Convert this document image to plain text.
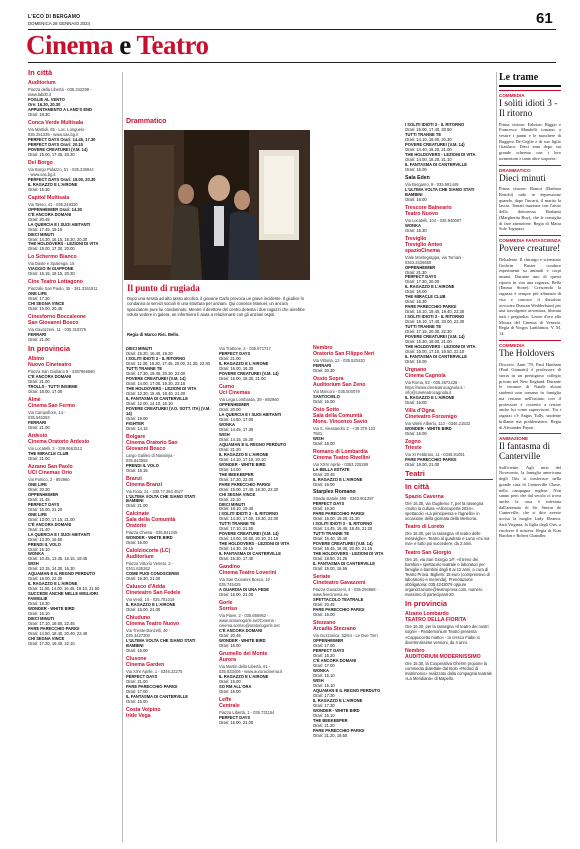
L'ECO DI BERGAMO
DOMENICA 28 GENNAIO 2024	61
Cinema e Teatro
In città
Auditorium
Piazza della Libertà - 035.342299 -
www.labd0.it
FOGLIE AL VENTO
Ore: 16.30, 20.30
APPUNTAMENTO A LAND'S END
Orari: 18.30
Conca Verde Multisala
Via Mattioli, 65 - Loc. Longuelo -
035.251339 - www.sas.bg.it
PERFECT DAYS Orari: 14.45, 17.30
PERFECT DAYS Orari: 20.15
POVERE CREATURE! (V.M. 14)
Orari: 15.00, 17.45, 20.30
Del Borgo
Via Borgo Palazzo, 51 - 035.236944
- www.sas.bg.it
PERFECT DAYS Orari: 18.00, 20.30
IL RAGAZZO E L'AIRONE
Orari: 15.30
Capitol Multisala
Via Tasso, 41 - 035.248330
OPPENHEIMER Orari: 14.30
C'È ANCORA DOMANI
Orari: 20.45
LA QUERCIA E I SUOI ABITANTI
Orari: 17.45, 19.15
DIECI MINUTI
Orari: 14.30, 16.15, 18.30, 20.30
THE HOLDOVERS - LEZIONI DI VITA
Orari: 15.00, 17.30, 20.00
Lo Schermo Bianco
Via Daste e Spalenga, 15
VIAGGIO IN GIAPPONE
Orari: 16.15, 18.15, 20.30
Cine Teatro Lottagono
Piazzale San Paolo, 35 - 351.3261911
ONE LIFE
Orari: 17.30
CHI SEGNA VINCE
Orari: 15.00, 20.45
Cinesforno Boccaleone
San Giovanni Bosco
Via Gavazzeni, 11 - 035.310376
FERRARI
Orari: 21.00
In provincia
Albino
Nuovo Cineteatro
Piazza San Giuliano 9 - 3387966560
C'È ANCORA DOMANI
Orari: 21.00
TROLLS - TUTTI INSIEME
Orari: 15.00, 17.00
Almè
Cinema San Fermo
Via Campofiore, 14 -
035.545363
FERRARI
Orari: 21.00
Ardesio
Cinema Oratorio Ardesio
Via Locatelli, 3 - 339.9661512
THE MIRACLE CLUB
Orari: 21.00
Azzano San Paolo
UCI Cinemas Orio
Via Portico, 2 - 892960
ONE LIFE
Orari: 20.30
OPPENHEIMER
Orari: 21.45
PERFECT DAYS
Orari: 16.00, 21.20
ONE LIFE
Orari: 13.00, 17.15, 21.00
C'È ANCORA DOMANI
Orari: 21.40
LA QUERCIA E I SUOI ABITANTI
Orari: 13.30, 16.50
PRENDI IL VOLO
Orari: 15.10
WONKA
Orari: 10.45, 13.45, 16.15, 18.45
WISH
Orari: 10.15, 14.30, 16.30
AQUAMAN E IL REGNO PERDUTO
Orari: 16.00, 22.30
IL RAGAZZO E L'AIRONE
Orari: 11.00, 14.00, 16.45, 19.10, 21.50
SUCCEDE ANCHE NELLE MIGLIORI FAMIGLIE
Orari: 18.30
WONDER - WHITE BIRD
Orari: 16.10
DIECI MINUTI
Orari: 17.10, 19.50, 22.45
PARE PARECCHIO PARIGI
Orari: 14.50, 18.40, 20.40, 22.40
CHI SEGNA VINCE
Orari: 17.20, 19.40, 22.10
DIECI MINUTI
Orari: 15.20, 16.40, 19.20
I SOLITI IDIOTI 3 - IL RITORNO
Orari: 11.30, 15.30, 17.45, 20.00, 21.30, 22.30
TUTTI TRANNE TE
Orari: 17.30, 19.45, 20.30, 22.00
POVERE CREATURE! (V.M. 14)
Orari: 14.00, 17.00, 19.30, 22.15
THE HOLDOVERS - LEZIONI DI VITA
Orari: 12.30, 15.45, 18.40, 21.00
IL FANTASMA DI CANTERVILLE
Orari: 12.00, 14.10, 16.10
POVERE CREATURE! (V.O. SOTT. ITA) (V.M. 14)
Orari: 19.00
FIGHTER
Orari: 14.15
Bolgare
Cinema Oratorio San
Giovanni Bosco
Largo Galileo di Nassirijia -
035.843555
PRENDI IL VOLO
Orari: 15.15
Branzi
Cinema Branzi
Via Fiola, 21 - 339.77.384.4527
L'ULTIMA VOLTA CHE SIAMO STATI BAMBINI
Orari: 21.00
Calcinate
Sala della Comunità
Oratorio
Piazza Chiesa - 035.841245
WONDER - WHITE BIRD
Orari: 16.00
Calolziocorte (LC)
Auditorium
Piazza Vittorio Veneto, 3 -
0341.635262
COME PUOI CONOSCERMI
Orari: 15.30, 21.00
Calusco d'Adda
Cineteatro San Fedele
Via Verdi, 10 - 035.791019
IL RAGAZZO E L'AIRONE
Orari: 16.00, 21.00
Chiuduno
Cinema Teatro Nuovo
Via Trieste Bonzelli, 40 -
035.4427300
L'ULTIMA VOLTA CHE SIAMO STATI BAMBINI
Orari: 16.00
Clusone
Cinema Garden
Via XXV Aprile, 1 - 0346.22275
PERFECT DAYS
Orari: 21.00
PARE PARECCHIO PARIGI
Orari: 17.00
IL FANTASMA DI CANTERVILLE
Orari: 15.00
Costa Volpino
Iride Vega
Via Trattone, 2 - 035.971717
PERFECT DAYS
Orari: 21.00
IL RAGAZZO E L'AIRONE
Orari: 16.00, 18.30
POVERE CREATURE! (V.M. 14)
Orari: 16.00, 18.30, 21.00
Curno
Uci Cinemas
Via Lega Lombarda, 39 - 892960
OPPENHEIMER
Orari: 20.00
LA QUERCIA E I SUOI ABITANTI
Orari: 14.50, 17.00
WONKA
Orari: 14.45, 17.30
WISH
Orari: 14.15, 16.30
AQUAMAN E IL REGNO PERDUTO
Orari: 21.20
IL RAGAZZO E L'AIRONE
Orari: 14.10, 17.10, 20.10
WONDER - WHITE BIRD
Orari: 14.00
THE BEEKEEPER
Orari: 17.20, 22.00
PARE PARECCHIO PARIGI
Orari: 15.00, 17.40, 19.30, 22.20
CHI SEGNA VINCE
Orari: 22.10
DIECI MINUTI
Orari: 18.10, 19.40
I SOLITI IDIOTI 3 - IL RITORNO
Orari: 14.30, 17.00, 19.30, 22.00
TUTTI TRANNE TE
Orari: 17.10, 21.50
POVERE CREATURE! (V.M. 14)
Orari: 14.00, 16.50, 20.10, 21.15
THE HOLDOVERS - LEZIONI DI VITA
Orari: 14.30, 19.15
IL FANTASMA DI CANTERVILLE
Orari: 15.30, 17.40
Gandino
Cinema Teatro Loverini
Via San Giovanni Bosco, 10 -
035.745425
A GUARDIA DI UNA FEDE
Orari: 16.00, 21.00
Gorle
Sorriso
Via Piave, 2 - 035.656962 -
www.oratoriogorle.net/Cinema -
cinema.sorriso@oratoriogorle.net
C'È ANCORA DOMANI
Orari: 20.45
WONDER - WHITE BIRD
Orari: 16.00
Grumello del Monte
Aurora
Via Martiri della Libertà, 61 -
035.833406 - www.auroracinema.it
IL RAGAZZO E L'AIRONE
Orari: 15.00
SO RM ALL'ORA
Orari: 16.00
Leffe
Centrale
Piazza Libertà, 1 - 035.731154
PERFECT DAYS
Orari: 16.00, 21.00
Nembro
Oratorio San Filippo Neri
Via Vittoria, 12 - 035.520420
FERRARI
Orari: 20.30
Ossio Sopra
Auditorium San Zeno
Via Marconi - 035.500079
SANTOCIELO
Orari: 16.00
Osio Sotto
Sala della Comunità
Mons. Vincenzo Savio
Via S. Alessandro 3 - +39 379 123
7581
WISH
Orari: 16.00
Romano di Lombardia
Cinema Teatro Rivellini
Via XXIV Aprile - 0363.225289
LA BELLA ESTATE
Orari: 20.45
IL RAGAZZO E L'AIRONE
Orari: 16.00
Starplex Romano
Strada statale 498 - 0363.901297
PERFECT DAYS
Orari: 16.20
PARE PARECCHIO PARIGI
Orari: 15.00, 19.20, 21.30
I SOLITI IDIOTI 3 - IL RITORNO
Orari: 14.45, 16.45, 18.45, 21.20
TUTTI TRANNE TE
Orari: 16.40, 18.40
POVERE CREATURE! (V.M. 14)
Orari: 16.45, 18.30, 20.40, 21.15
THE HOLDOVERS - LEZIONI DI VITA
Orari: 18.50, 21.25
IL FANTASMA DI CANTERVILLE
Orari: 15.00, 16.55
Seriate
Cineteatro Gavazzeni
Piazza Gavazzeni, 4 - 035.294868 -
www.feiecinema.eu
SPETTACOLO TEATRALE
Orari: 20.45
PARE PARECCHIO PARIGI
Orari: 15.00
Stezzano
Arcadia Stezzano
Via Guzzanica, 62/64 - Le Due Torri
OPPENHEIMER
Orari: 17.00
PERFECT DAYS
Orari: 15.20
C'È ANCORA DOMANI
Orari: 17.00
WONKA
Orari: 15.10
WISH
Orari: 15.10
AQUAMAN E IL REGNO PERDUTO
Orari: 17.30
IL RAGAZZO E L'AIRONE
Orari: 17.30
WONDER - WHITE BIRD
Orari: 15.10
THE BEEKEEPER
Orari: 21.20
PARE PARECCHIO PARIGI
Orari: 21.20, 18.50
I SOLITI IDIOTI 3 - IL RITORNO
Orari: 15.00, 17.40, 20.50
TUTTI TRANNE TE
Orari: 14.10, 18.00, 20.30
POVERE CREATURE! (V.M. 14)
Orari: 14.40, 18.20, 21.00
THE HOLDOVERS - LEZIONI DI VITA
Orari: 14.00, 18.20, 21.10
IL FANTASMA DI CANTERVILLE
Orari: 15.00
Sala Eden
Via Bergamo, 9 - 035.591449
L'ULTIMA VOLTA CHE SIAMO STATI BAMBINI
Orari: 16.00
Trescore Balneario
Teatro Nuovo
Via Locatelli, 104 - 035.940087
WONKA
Orari: 15.30
Treviglio
Treviglio Anteo
spazioCinema
Viale Montegrappa, via Torriani -
0363.3436650
OPPENHEIMER
Orari: 21.30
PERFECT DAYS
Orari: 17.30, 20.00
IL RAGAZZO E L'AIRONE
Orari: 16.00
THE MIRACLE CLUB
Orari: 16.30
PARE PARECCHIO PARIGI
Orari: 15.10, 18.40, 19.40, 22.30
I SOLITI IDIOTI 3 - IL RITORNO
Orari: 15.10, 17.40, 20.00, 22.30
TUTTI TRANNE TE
Orari: 17.15, 20.30, 22.30
POVERE CREATURE! (V.M. 14)
Orari: 15.30, 18.00, 21.00
THE HOLDOVERS - LEZIONI DI VITA
Orari: 15.00, 17.10, 19.50, 22.10
IL FANTASMA DI CANTERVILLE
Orari: 15.00
Urgnano
Cinema Cagnola
Via Roma, 82 - 035.4872228 -
https://www.cineteatrocagnola.it -
info@cineteatrocagnola.it
IL RAGAZZO E L'AIRONE
Orari: 16.00
Villa d'Ogna
Cineteatro Forzenigo
Via Valeri Alberto, 113 - 0346.21532
WONDER - WHITE BIRD
Orari: 16.00
Zogno
Trieste
Via XI Febbraio, 11 - 0345.91051
PARE PARECCHIO PARIGI
Orari: 16.00, 21.00
Teatri
In città
Spazio Caverna
Ore 16.30, via Gugliemo 7, per la rassegna «Sotto la cultura «Alloscuperta 2024», spettacolo «La principessa e l'agnello» in occasione della giornata della Memoria.
Teatro di Loreto
Ore 16.30, per la rassegna «Il teatro delle meraviglie». Teatro al quadrato e Luna «mi ma ma» e tutto poi succedere, da 2 anni.
Teatro San Giorgio
Ore 16, via San Giorgio 1/F, «Il treno dei bambini» spettacolo teatrale e laboratori per famiglie e bambini dagli 8 ai 12 anni, a cura di Teatro Prova. Biglietti: 15 euro (comprensivo di laboratorio e merenda). Prenotazione obbligatoria: 035 4243079 oppure organizzazione@teatroprova.com, numero massimo di partecipanti 20.
In provincia
Alzano Lombardo
TEATRO DELLA FIORITA
Ore 16.30, per la rassegna «Il teatro dei nostri sogni» - Pandemonium Teatro presenta «Cappuccetto matto» - Io cresco Fiabe in divertentissime versioni, da 4 anni.
Nembro
AUDITORIUM MODERNISSIMO
Ore 15.30, la Cooperativa Gherim propone la commedia dialettale dal titolo «Reduci di matrimonio» realizzato dalla compagnia teatrale «La Meridiana» di Mapello.
Drammatico
Il punto di rugiada
Dopo una serata ad alto tasso alcolico, il giovane Carlo provoca un grave incidente. Il giudice lo condanna ai servizi sociali in una struttura per anziani. Qui conosce Manuel, un ancora spacciatore pure lui condannato. Mentre il direttore del centro detesta i due ragazzi che avrebbe voluto vedere in galera, un infermiera li aiuta a relazionarsi con gli anziani ospiti.
Regia di Marco Risi. Bello.
Le trame
COMMEDIA
I soliti idioti 3 - Il ritorno
Prima visione. Fabrizio Biggio e Francesco Mandelli tornano a vestire i panni e le maschere di Ruggero De Ceglie e di suo figlio Gianluca. Dieci anni dopo sui grande schermo con i loro tormentoni e tante altre sorprese.
DRAMMATICO
Dieci minuti
Prima visione. Bianca (Barbara Ronchi) rade in depressione quando, dopo l'incarti, il marito la lascia. Tentati tuazione con l'aiuto della dottoressa Brabanti (Margherita Buy), che le consiglia di fare attenzione. Regia di Maria Sole Tognazzi.
COMMEDIA FANTASCIENZA
Povere creature!
Deludente. Il chirurgo e scienziato Godwin Baxter conduce esperimenti su animali e corpi umani. Durante uno di questi riporta in vita una ragazza, Bella (Emma Stone). Crescendo la ragazza è sempre più affamata di vita e conosce il dissoluto avvocato Duncan Wedderburn) per una travolgente avventura, liberata tutti i pregiudizi. Leone d'oro alla Mostra del Cinema di Venezia. Regia di Yorgos Lanthimos. V. M. 14.
COMMEDIA
The Holdovers
Discreto. Anni '70, Paul Hunham (Paul Giamatti) è professore di storia in un prestigioso collegio privato nel New England. Durante le vacanze di Natale alcuni studenti non tornano in famiglia ma restano nell'istituto con il professore è costretto a restare anche lui come supervisore. Tra i ragazzi c'è Angus Tully, studente brillante ma problematico. Regia di Alexander Payne.
ANIMAZIONE
Il fantasma di Canterville
Sufficiente. Agli inizi del Novecento, la famiglia americana degli Otis si trasferisce nella grande casa di Canterville Chase, nella campagna inglese. Non sanno però che dal secolo ci trova anche la casa è infestata dall'antenato di Sir Simon de Canterville, che si dice avesse ucciso la moglie Lady Eleanor. Sarà Virginia, la figlia degli Otis, a risolvere il mistero. Regia di Kim Burdon e Robert Chandler.
